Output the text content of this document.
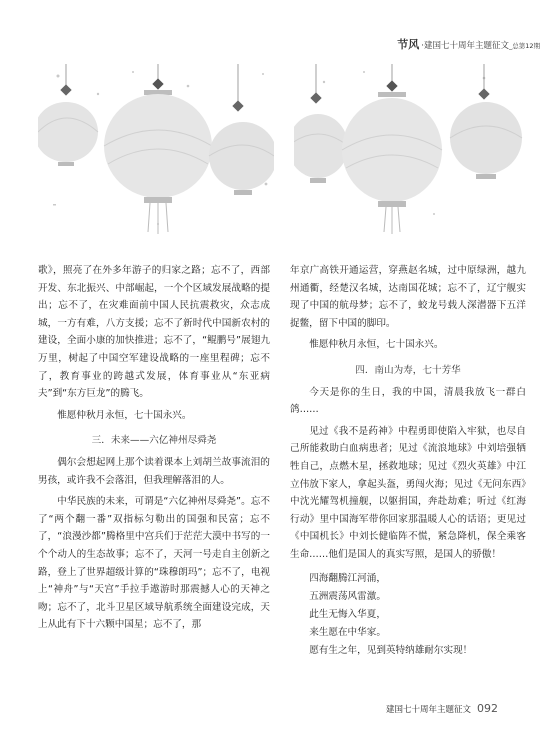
节风 ·建国七十周年主题征文_总第12期

歌》，照亮了在外多年游子的归家之路；忘不了，西部开发、东北振兴、中部崛起，一个个区域发展战略的提出；忘不了，在灾难面前中国人民抗震救灾，众志成城，一方有难，八方支援；忘不了新时代中国新农村的建设，全面小康的加快推进；忘不了，“鲲鹏号”展翅九万里，树起了中国空军建设战略的一座里程碑；忘不了，教育事业的跨越式发展，体育事业从“东亚病夫”到“东方巨龙”的腾飞。

惟愿仲秋月永恒，七十国永兴。

三．未来——六亿神州尽舜尧

偶尔会想起网上那个读着课本上刘胡兰故事流泪的男孩，或许我不会落泪，但我理解落泪的人。

中华民族的未来，可谓是“六亿神州尽舜尧”。忘不了“两个翻一番”双指标匀勒出的国强和民富；忘不了，“浪漫沙都”腾格里中宫兵们于茫茫大漠中书写的一个个动人的生态故事；忘不了，天河一号走自主创新之路，登上了世界超级计算的“珠穆朗玛”；忘不了，电视上“神舟”与“天宫”手拉手遨游时那震撼人心的天神之吻；忘不了，北斗卫星区域导航系统全面建设完成，天上从此有下十六颗中国星；忘不了，那

年京广高铁开通运营，穿燕赵名城，过中原绿洲，越九州通衢，经楚汉名城，达南国花城；忘不了，辽宁舰实现了中国的航母梦；忘不了，蛟龙号载人深潜器下五洋捉鳖，留下中国的脚印。

惟愿仲秋月永恒，七十国永兴。

四．南山为寿，七十芳华

今天是你的生日，我的中国，清晨我放飞一群白鸽……

见过《我不是药神》中程勇即使陷入牢狱，也尽自己所能救助白血病患者；见过《流浪地球》中刘培强牺牲自己，点燃木星，拯救地球；见过《烈火英雄》中江立伟放下家人，拿起头盔，勇闯火海；见过《无问东西》中沈光耀驾机撞舰，以躯捐国，奔赴劫难；听过《红海行动》里中国海军带你回家那温暖人心的话语；更见过《中国机长》中刘长健临阵不慌，紧急降机，保全乘客生命……他们是国人的真实写照，是国人的骄傲！

四海翻腾江河涌，
五洲震荡风雷激。
此生无悔入华夏，
来生愿在中华家。
愿有生之年，见到英特纳雄耐尔实现！
建国七十周年主题征文 092
